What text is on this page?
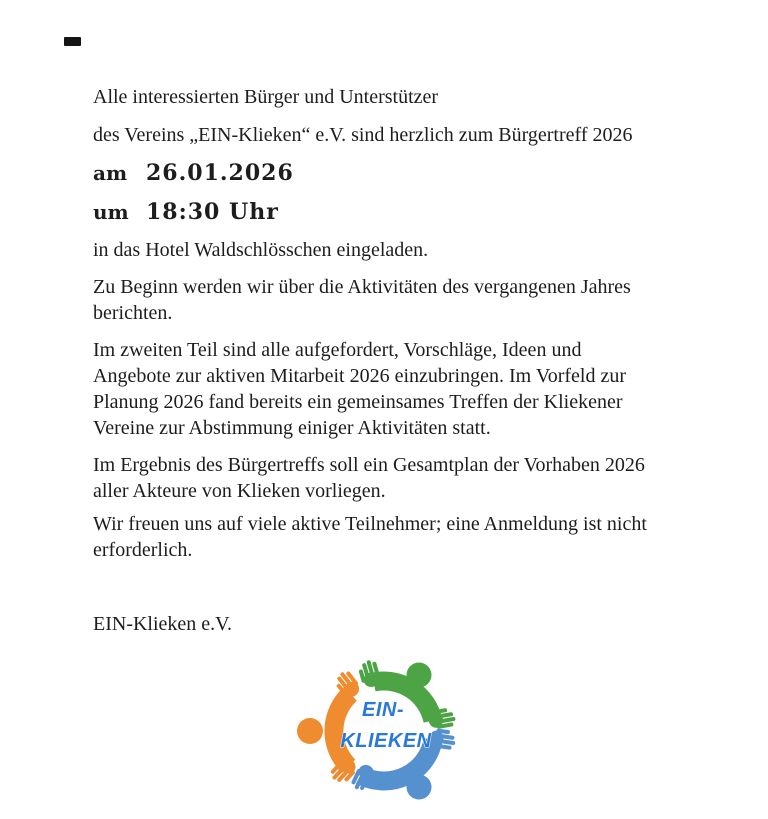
Alle interessierten Bürger und Unterstützer
des Vereins „EIN-Klieken“ e.V. sind herzlich zum Bürgertreff 2026
am 26.01.2026
um 18:30 Uhr
in das Hotel Waldschlösschen eingeladen.
Zu Beginn werden wir über die Aktivitäten des vergangenen Jahres
berichten.
Im zweiten Teil sind alle aufgefordert, Vorschläge, Ideen und
Angebote zur aktiven Mitarbeit 2026 einzubringen. Im Vorfeld zur
Planung 2026 fand bereits ein gemeinsames Treffen der Kliekener
Vereine zur Abstimmung einiger Aktivitäten statt.
Im Ergebnis des Bürgertreffs soll ein Gesamtplan der Vorhaben 2026
aller Akteure von Klieken vorliegen.
Wir freuen uns auf viele aktive Teilnehmer; eine Anmeldung ist nicht
erforderlich.
EIN-Klieken e.V.
EIN-
KLIEKEN
